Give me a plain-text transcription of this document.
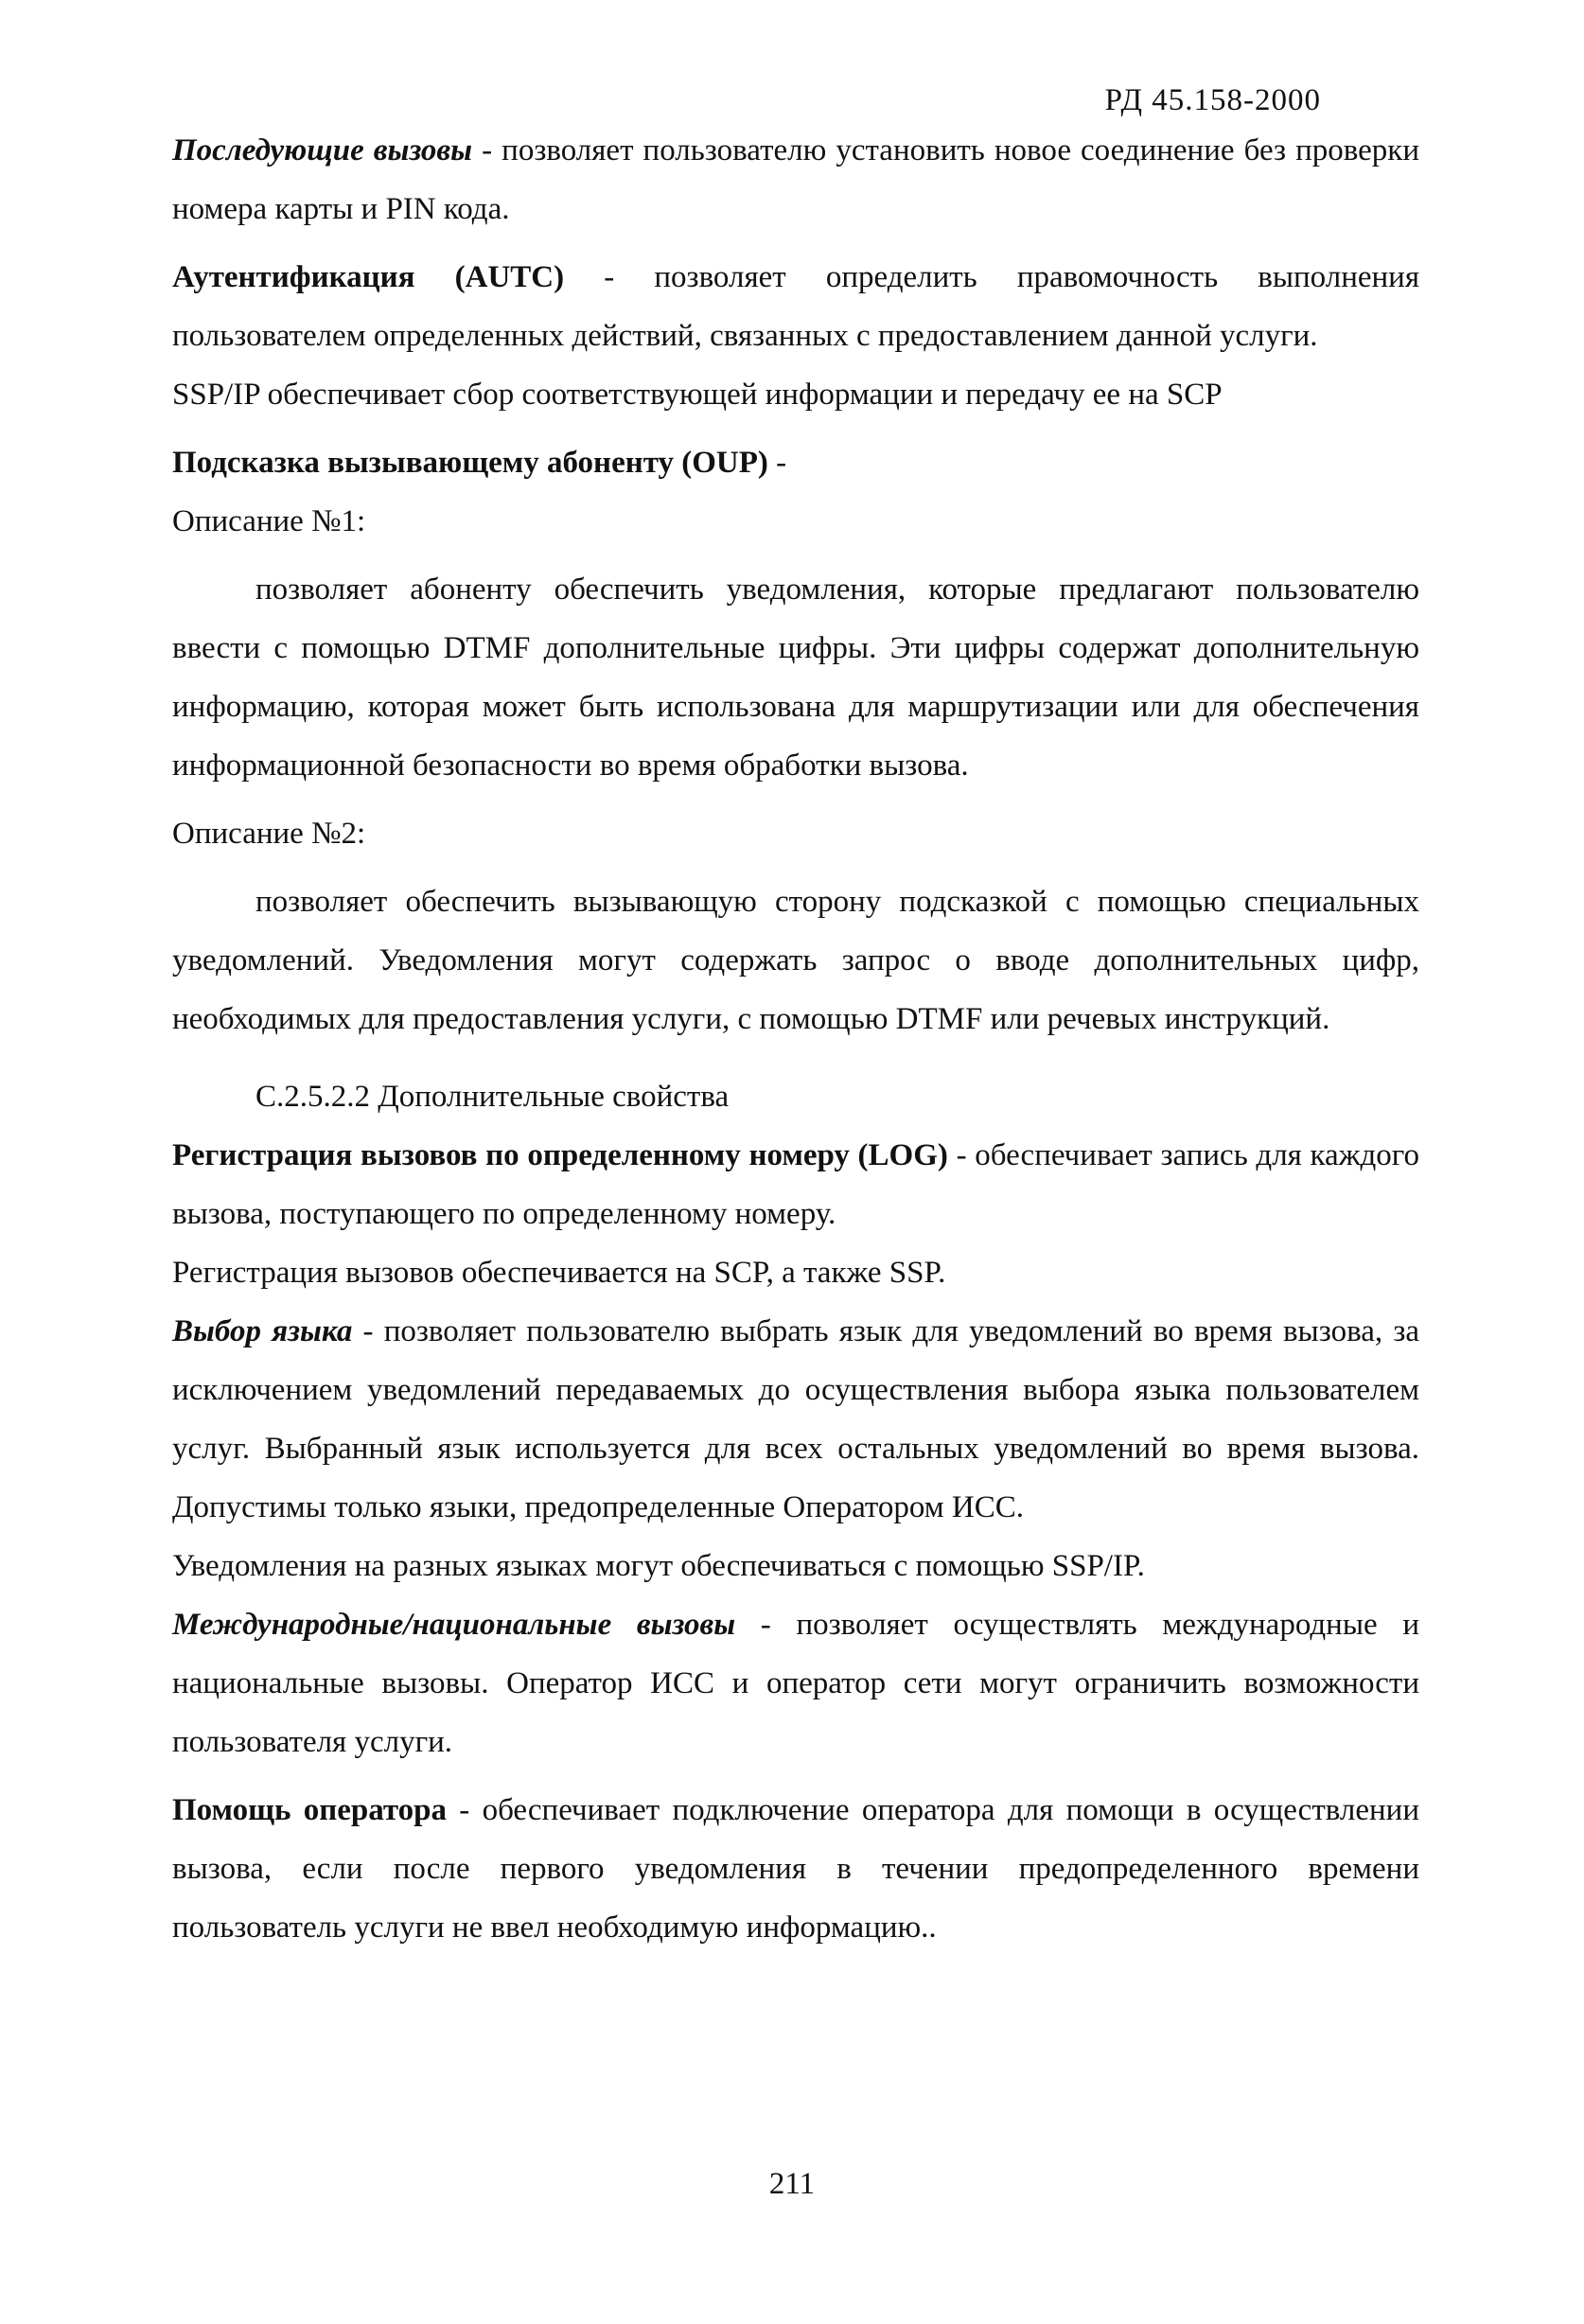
РД 45.158-2000

Последующие вызовы - позволяет пользователю установить новое соединение без проверки номера карты и PIN кода.

Аутентификация (AUTC) - позволяет определить правомочность выполнения пользователем определенных действий, связанных с предоставлением данной услуги.

SSP/IP обеспечивает сбор соответствующей информации и передачу ее на SCP

Подсказка вызывающему абоненту (OUP) -

Описание №1:

позволяет абоненту обеспечить уведомления, которые предлагают пользователю ввести с помощью DTMF дополнительные цифры. Эти цифры содержат дополнительную информацию, которая может быть использована для маршрутизации или для обеспечения информационной безопасности во время обработки вызова.

Описание №2:

позволяет обеспечить вызывающую сторону подсказкой с помощью специальных уведомлений. Уведомления могут содержать запрос о вводе дополнительных цифр, необходимых для предоставления услуги, с помощью DTMF или речевых инструкций.

С.2.5.2.2 Дополнительные свойства

Регистрация вызовов по определенному номеру (LOG) - обеспечивает запись для каждого вызова, поступающего по определенному номеру.

Регистрация вызовов обеспечивается на SCP, а также SSP.

Выбор языка - позволяет пользователю выбрать язык для уведомлений во время вызова, за исключением уведомлений передаваемых до осуществления выбора языка пользователем услуг. Выбранный язык используется для всех остальных уведомлений во время вызова. Допустимы только языки, предопределенные Оператором ИСС.

Уведомления на разных языках могут обеспечиваться с помощью SSP/IP.

Международные/национальные вызовы - позволяет осуществлять международные и национальные вызовы. Оператор ИСС и оператор сети могут ограничить возможности пользователя услуги.

Помощь оператора - обеспечивает подключение оператора для помощи в осуществлении вызова, если после первого уведомления в течении предопределенного времени пользователь услуги не ввел необходимую информацию..

211
